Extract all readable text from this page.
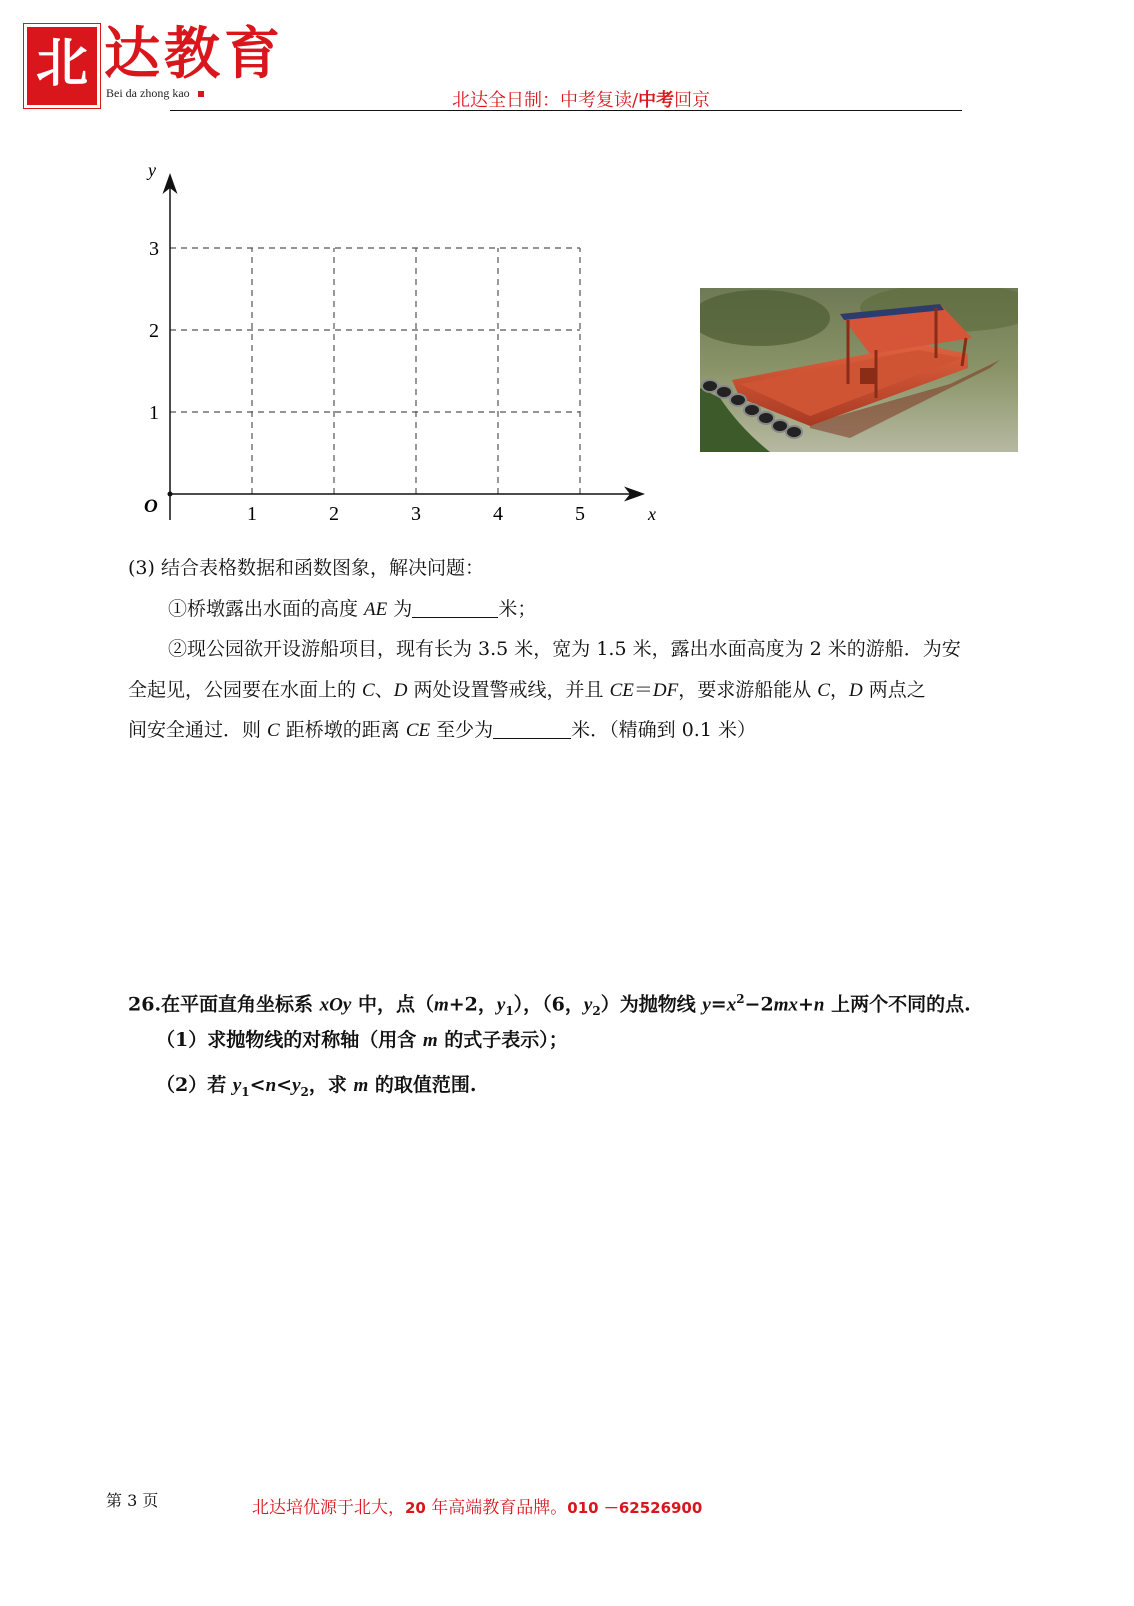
北 达教育
Bei da zhong kao	北达全日制：中考复读/中考回京
y
x
O	1	2	3	4	5
1
2
3
(3) 结合表格数据和函数图象，解决问题：
①桥墩露出水面的高度 AE 为	米；
②现公园欲开设游船项目，现有长为 3.5 米，宽为 1.5 米，露出水面高度为 2 米的游船．为安
全起见，公园要在水面上的 C、D 两处设置警戒线，并且 CE＝DF，要求游船能从 C，D 两点之
间安全通过．则 C 距桥墩的距离 CE 至少为	米．（精确到 0.1 米）
26.在平面直角坐标系 xOy 中，点（m+2，$y_1$），（6，$y_2$）为抛物线 $y=x^2-2mx+n$ 上两个不同的点.
（1）求抛物线的对称轴（用含 m 的式子表示）；
（2）若 $y_1<n<y_2$，求 m 的取值范围.
第 3 页	北达培优源于北大，20 年高端教育品牌。010 －62526900
